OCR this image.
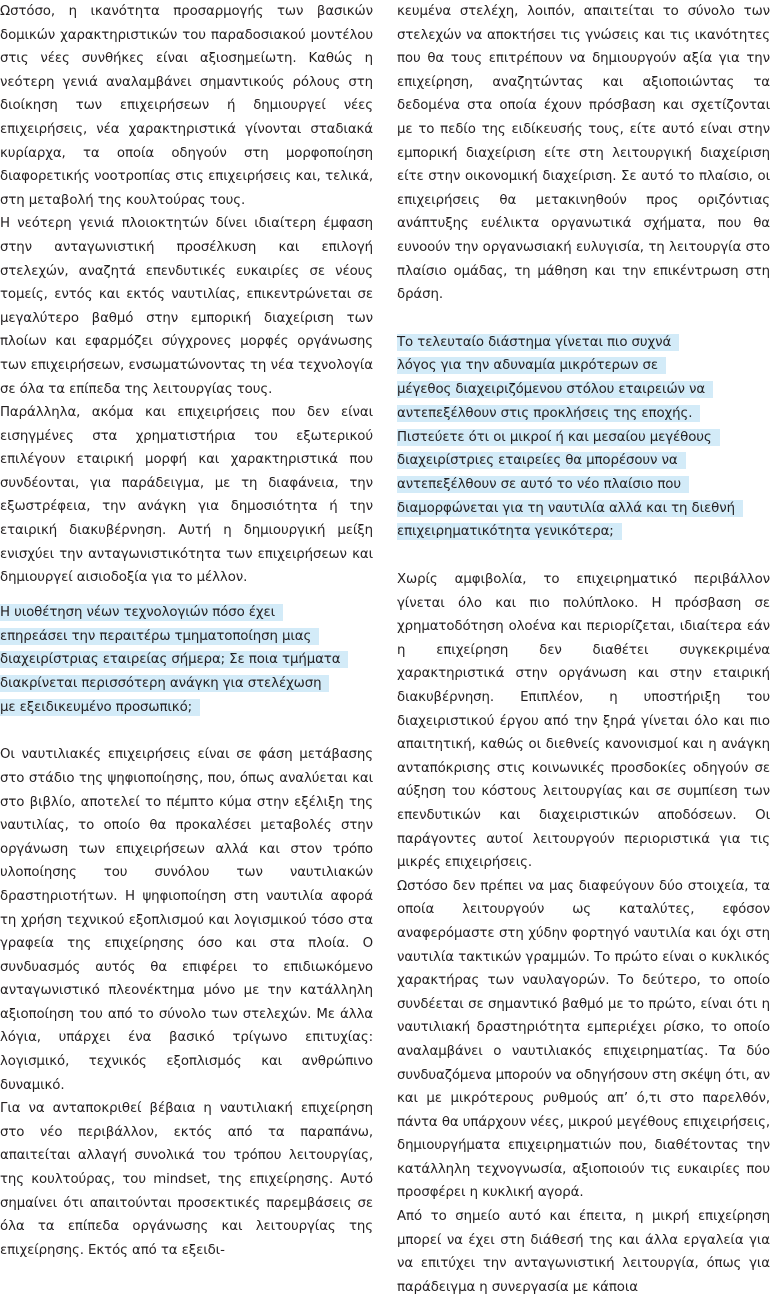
Ωστόσο, η ικανότητα προσαρμογής των βασικών δομικών χαρακτηριστικών του παραδοσιακού μοντέλου στις νέες συνθήκες είναι αξιοσημείωτη. Καθώς η νεότερη γενιά αναλαμβάνει σημαντικούς ρόλους στη διοίκηση των επιχειρήσεων ή δημιουργεί νέες επιχειρήσεις, νέα χαρακτηριστικά γίνονται σταδιακά κυρίαρχα, τα οποία οδηγούν στη μορφοποίηση διαφορετικής νοοτροπίας στις επιχειρήσεις και, τελικά, στη μεταβολή της κουλτούρας τους.

Η νεότερη γενιά πλοιοκτητών δίνει ιδιαίτερη έμφαση στην ανταγωνιστική προσέλκυση και επιλογή στελεχών, αναζητά επενδυτικές ευκαιρίες σε νέους τομείς, εντός και εκτός ναυτιλίας, επικεντρώνεται σε μεγαλύτερο βαθμό στην εμπορική διαχείριση των πλοίων και εφαρμόζει σύγχρονες μορφές οργάνωσης των επιχειρήσεων, ενσωματώνοντας τη νέα τεχνολογία σε όλα τα επίπεδα της λειτουργίας τους.

Παράλληλα, ακόμα και επιχειρήσεις που δεν είναι εισηγμένες στα χρηματιστήρια του εξωτερικού επιλέγουν εταιρική μορφή και χαρακτηριστικά που συνδέονται, για παράδειγμα, με τη διαφάνεια, την εξωστρέφεια, την ανάγκη για δημοσιότητα ή την εταιρική διακυβέρνηση. Αυτή η δημιουργική μείξη ενισχύει την ανταγωνιστικότητα των επιχειρήσεων και δημιουργεί αισιοδοξία για το μέλλον.

Η υιοθέτηση νέων τεχνολογιών πόσο έχει
επηρεάσει την περαιτέρω τμηματοποίηση μιας
διαχειρίστριας εταιρείας σήμερα; Σε ποια τμήματα
διακρίνεται περισσότερη ανάγκη για στελέχωση
με εξειδικευμένο προσωπικό;

Οι ναυτιλιακές επιχειρήσεις είναι σε φάση μετάβασης στο στάδιο της ψηφιοποίησης, που, όπως αναλύεται και στο βιβλίο, αποτελεί το πέμπτο κύμα στην εξέλιξη της ναυτιλίας, το οποίο θα προκαλέσει μεταβολές στην οργάνωση των επιχειρήσεων αλλά και στον τρόπο υλοποίησης του συνόλου των ναυτιλιακών δραστηριοτήτων. Η ψηφιοποίηση στη ναυτιλία αφορά τη χρήση τεχνικού εξοπλισμού και λογισμικού τόσο στα γραφεία της επιχείρησης όσο και στα πλοία. Ο συνδυασμός αυτός θα επιφέρει το επιδιωκόμενο ανταγωνιστικό πλεονέκτημα μόνο με την κατάλληλη αξιοποίηση του από το σύνολο των στελεχών. Με άλλα λόγια, υπάρχει ένα βασικό τρίγωνο επιτυχίας: λογισμικό, τεχνικός εξοπλισμός και ανθρώπινο δυναμικό.

Για να ανταποκριθεί βέβαια η ναυτιλιακή επιχείρηση στο νέο περιβάλλον, εκτός από τα παραπάνω, απαιτείται αλλαγή συνολικά του τρόπου λειτουργίας, της κουλτούρας, του mindset, της επιχείρησης. Αυτό σημαίνει ότι απαιτούνται προσεκτικές παρεμβάσεις σε όλα τα επίπεδα οργάνωσης και λειτουργίας της επιχείρησης. Εκτός από τα εξειδι-

κευμένα στελέχη, λοιπόν, απαιτείται το σύνολο των στελεχών να αποκτήσει τις γνώσεις και τις ικανότητες που θα τους επιτρέπουν να δημιουργούν αξία για την επιχείρηση, αναζητώντας και αξιοποιώντας τα δεδομένα στα οποία έχουν πρόσβαση και σχετίζονται με το πεδίο της ειδίκευσής τους, είτε αυτό είναι στην εμπορική διαχείριση είτε στη λειτουργική διαχείριση είτε στην οικονομική διαχείριση. Σε αυτό το πλαίσιο, οι επιχειρήσεις θα μετακινηθούν προς οριζόντιας ανάπτυξης ευέλικτα οργανωτικά σχήματα, που θα ευνοούν την οργανωσιακή ευλυγισία, τη λειτουργία στο πλαίσιο ομάδας, τη μάθηση και την επικέντρωση στη δράση.

Το τελευταίο διάστημα γίνεται πιο συχνά
λόγος για την αδυναμία μικρότερων σε
μέγεθος διαχειριζόμενου στόλου εταιρειών να
αντεπεξέλθουν στις προκλήσεις της εποχής.
Πιστεύετε ότι οι μικροί ή και μεσαίου μεγέθους
διαχειρίστριες εταιρείες θα μπορέσουν να
αντεπεξέλθουν σε αυτό το νέο πλαίσιο που
διαμορφώνεται για τη ναυτιλία αλλά και τη διεθνή
επιχειρηματικότητα γενικότερα;

Χωρίς αμφιβολία, το επιχειρηματικό περιβάλλον γίνεται όλο και πιο πολύπλοκο. Η πρόσβαση σε χρηματοδότηση ολοένα και περιορίζεται, ιδιαίτερα εάν η επιχείρηση δεν διαθέτει συγκεκριμένα χαρακτηριστικά στην οργάνωση και στην εταιρική διακυβέρνηση. Επιπλέον, η υποστήριξη του διαχειριστικού έργου από την ξηρά γίνεται όλο και πιο απαιτητική, καθώς οι διεθνείς κανονισμοί και η ανάγκη ανταπόκρισης στις κοινωνικές προσδοκίες οδηγούν σε αύξηση του κόστους λειτουργίας και σε συμπίεση των επενδυτικών και διαχειριστικών αποδόσεων. Οι παράγοντες αυτοί λειτουργούν περιοριστικά για τις μικρές επιχειρήσεις.

Ωστόσο δεν πρέπει να μας διαφεύγουν δύο στοιχεία, τα οποία λειτουργούν ως καταλύτες, εφόσον αναφερόμαστε στη χύδην φορτηγό ναυτιλία και όχι στη ναυτιλία τακτικών γραμμών. Το πρώτο είναι ο κυκλικός χαρακτήρας των ναυλαγορών. Το δεύτερο, το οποίο συνδέεται σε σημαντικό βαθμό με το πρώτο, είναι ότι η ναυτιλιακή δραστηριότητα εμπεριέχει ρίσκο, το οποίο αναλαμβάνει ο ναυτιλιακός επιχειρηματίας. Τα δύο συνδυαζόμενα μπορούν να οδηγήσουν στη σκέψη ότι, αν και με μικρότερους ρυθμούς απ’ ό,τι στο παρελθόν, πάντα θα υπάρχουν νέες, μικρού μεγέθους επιχειρήσεις, δημιουργήματα επιχειρηματιών που, διαθέτοντας την κατάλληλη τεχνογνωσία, αξιοποιούν τις ευκαιρίες που προσφέρει η κυκλική αγορά.

Από το σημείο αυτό και έπειτα, η μικρή επιχείρηση μπορεί να έχει στη διάθεσή της και άλλα εργαλεία για να επιτύχει την ανταγωνιστική λειτουργία, όπως για παράδειγμα η συνεργασία με κάποια
